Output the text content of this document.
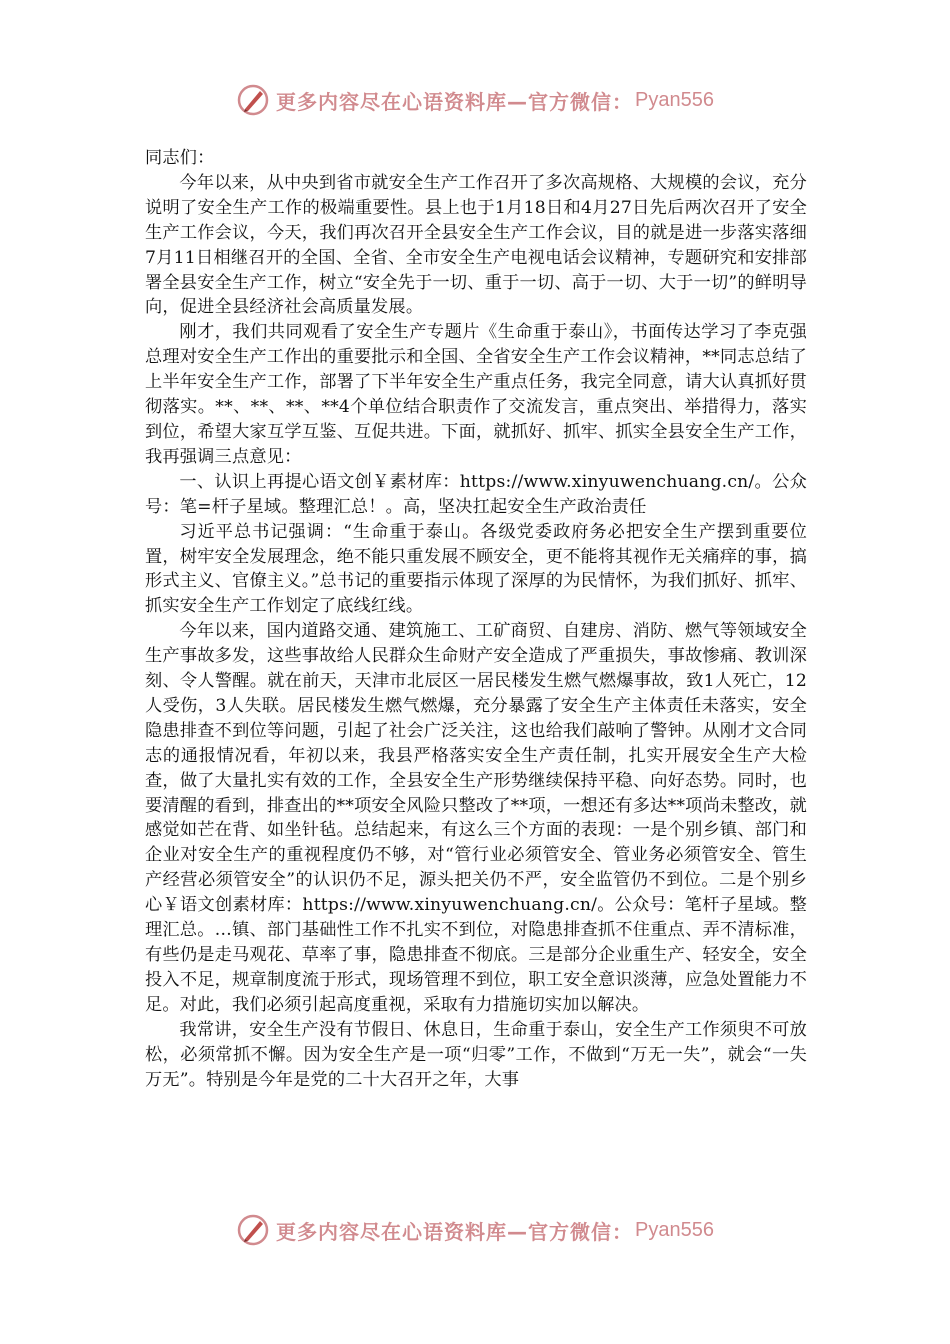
更多内容尽在心语资料库—官方微信： Pyan556

同志们：

今年以来，从中央到省市就安全生产工作召开了多次高规格、大规模的会议，充分说明了安全生产工作的极端重要性。县上也于1月18日和4月27日先后两次召开了安全生产工作会议，今天，我们再次召开全县安全生产工作会议，目的就是进一步落实落细7月11日相继召开的全国、全省、全市安全生产电视电话会议精神，专题研究和安排部署全县安全生产工作，树立“安全先于一切、重于一切、高于一切、大于一切”的鲜明导向，促进全县经济社会高质量发展。

刚才，我们共同观看了安全生产专题片《生命重于泰山》，书面传达学习了李克强总理对安全生产工作出的重要批示和全国、全省安全生产工作会议精神，**同志总结了上半年安全生产工作，部署了下半年安全生产重点任务，我完全同意，请大认真抓好贯彻落实。**、**、**、**4个单位结合职责作了交流发言，重点突出、举措得力，落实到位，希望大家互学互鉴、互促共进。下面，就抓好、抓牢、抓实全县安全生产工作，我再强调三点意见：

一、认识上再提心语文创￥素材库：https://www.xinyuwenchuang.cn/。公众号：笔=杆子星域。整理汇总！。高，坚决扛起安全生产政治责任

习近平总书记强调：“生命重于泰山。各级党委政府务必把安全生产摆到重要位置，树牢安全发展理念，绝不能只重发展不顾安全，更不能将其视作无关痛痒的事，搞形式主义、官僚主义。”总书记的重要指示体现了深厚的为民情怀，为我们抓好、抓牢、抓实安全生产工作划定了底线红线。

今年以来，国内道路交通、建筑施工、工矿商贸、自建房、消防、燃气等领域安全生产事故多发，这些事故给人民群众生命财产安全造成了严重损失，事故惨痛、教训深刻、令人警醒。就在前天，天津市北辰区一居民楼发生燃气燃爆事故，致1人死亡，12人受伤，3人失联。居民楼发生燃气燃爆，充分暴露了安全生产主体责任未落实，安全隐患排查不到位等问题，引起了社会广泛关注，这也给我们敲响了警钟。从刚才文合同志的通报情况看，年初以来，我县严格落实安全生产责任制，扎实开展安全生产大检查，做了大量扎实有效的工作，全县安全生产形势继续保持平稳、向好态势。同时，也要清醒的看到，排查出的**项安全风险只整改了**项，一想还有多达**项尚未整改，就感觉如芒在背、如坐针毡。总结起来，有这么三个方面的表现：一是个别乡镇、部门和企业对安全生产的重视程度仍不够，对“管行业必须管安全、管业务必须管安全、管生产经营必须管安全”的认识仍不足，源头把关仍不严，安全监管仍不到位。二是个别乡心￥语文创素材库：https://www.xinyuwenchuang.cn/。公众号：笔杆子星域。整理汇总。…镇、部门基础性工作不扎实不到位，对隐患排查抓不住重点、弄不清标准，有些仍是走马观花、草率了事，隐患排查不彻底。三是部分企业重生产、轻安全，安全投入不足，规章制度流于形式，现场管理不到位，职工安全意识淡薄，应急处置能力不足。对此，我们必须引起高度重视，采取有力措施切实加以解决。

我常讲，安全生产没有节假日、休息日，生命重于泰山，安全生产工作须臾不可放松，必须常抓不懈。因为安全生产是一项“归零”工作，不做到“万无一失”，就会“一失万无”。特别是今年是党的二十大召开之年，大事

更多内容尽在心语资料库—官方微信： Pyan556
